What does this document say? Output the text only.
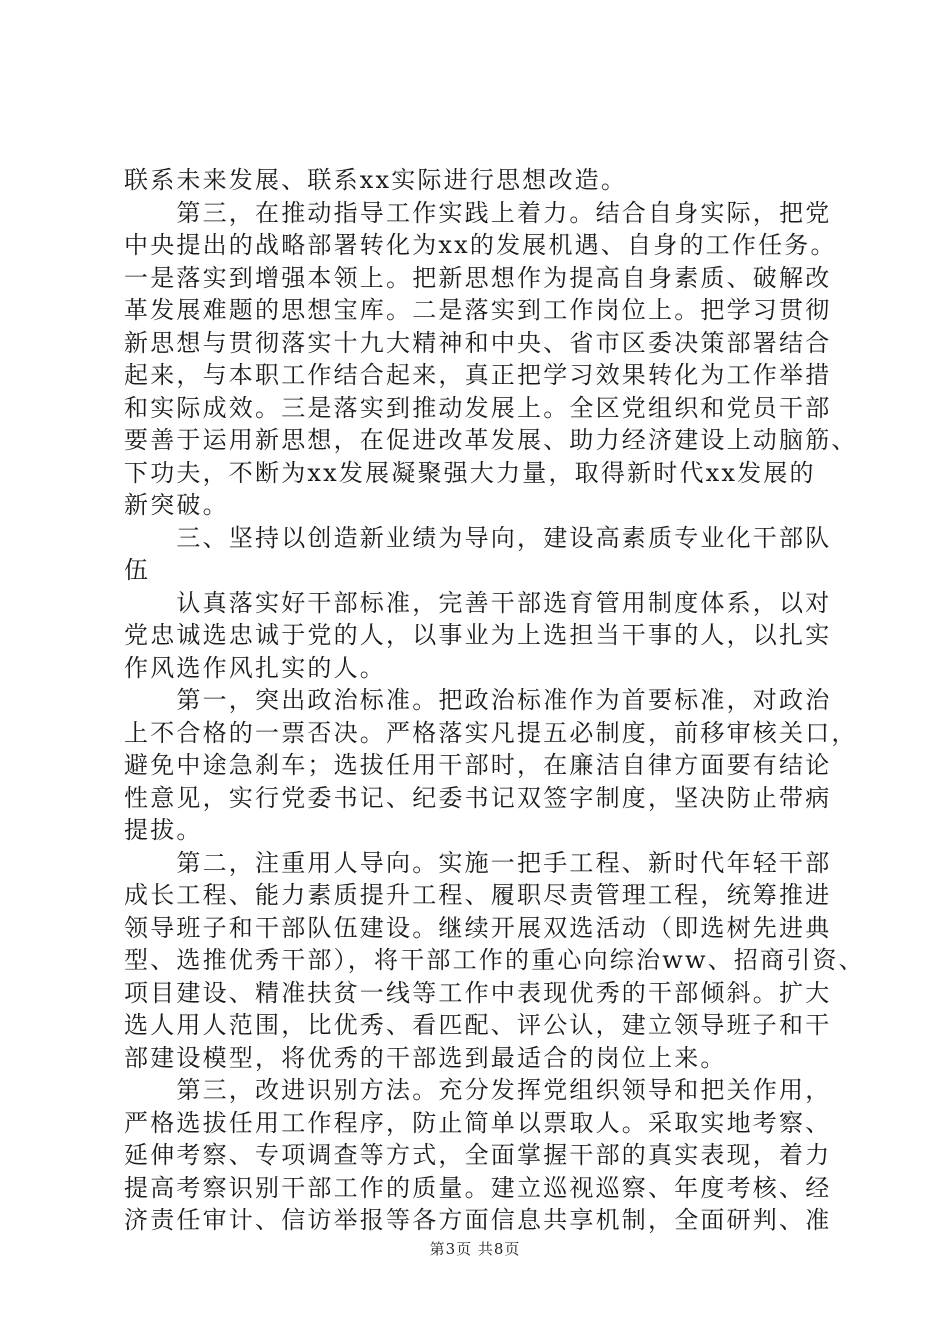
联系未来发展、联系xx实际进行思想改造。
　　第三，在推动指导工作实践上着力。结合自身实际，把党
中央提出的战略部署转化为xx的发展机遇、自身的工作任务。
一是落实到增强本领上。把新思想作为提高自身素质、破解改
革发展难题的思想宝库。二是落实到工作岗位上。把学习贯彻
新思想与贯彻落实十九大精神和中央、省市区委决策部署结合
起来，与本职工作结合起来，真正把学习效果转化为工作举措
和实际成效。三是落实到推动发展上。全区党组织和党员干部
要善于运用新思想，在促进改革发展、助力经济建设上动脑筋、
下功夫，不断为xx发展凝聚强大力量，取得新时代xx发展的
新突破。
　　三、坚持以创造新业绩为导向，建设高素质专业化干部队
伍
　　认真落实好干部标准，完善干部选育管用制度体系，以对
党忠诚选忠诚于党的人，以事业为上选担当干事的人，以扎实
作风选作风扎实的人。
　　第一，突出政治标准。把政治标准作为首要标准，对政治
上不合格的一票否决。严格落实凡提五必制度，前移审核关口，
避免中途急刹车；选拔任用干部时，在廉洁自律方面要有结论
性意见，实行党委书记、纪委书记双签字制度，坚决防止带病
提拔。
　　第二，注重用人导向。实施一把手工程、新时代年轻干部
成长工程、能力素质提升工程、履职尽责管理工程，统筹推进
领导班子和干部队伍建设。继续开展双选活动（即选树先进典
型、选推优秀干部），将干部工作的重心向综治ww、招商引资、
项目建设、精准扶贫一线等工作中表现优秀的干部倾斜。扩大
选人用人范围，比优秀、看匹配、评公认，建立领导班子和干
部建设模型，将优秀的干部选到最适合的岗位上来。
　　第三，改进识别方法。充分发挥党组织领导和把关作用，
严格选拔任用工作程序，防止简单以票取人。采取实地考察、
延伸考察、专项调查等方式，全面掌握干部的真实表现，着力
提高考察识别干部工作的质量。建立巡视巡察、年度考核、经
济责任审计、信访举报等各方面信息共享机制，全面研判、准
第3页 共8页
